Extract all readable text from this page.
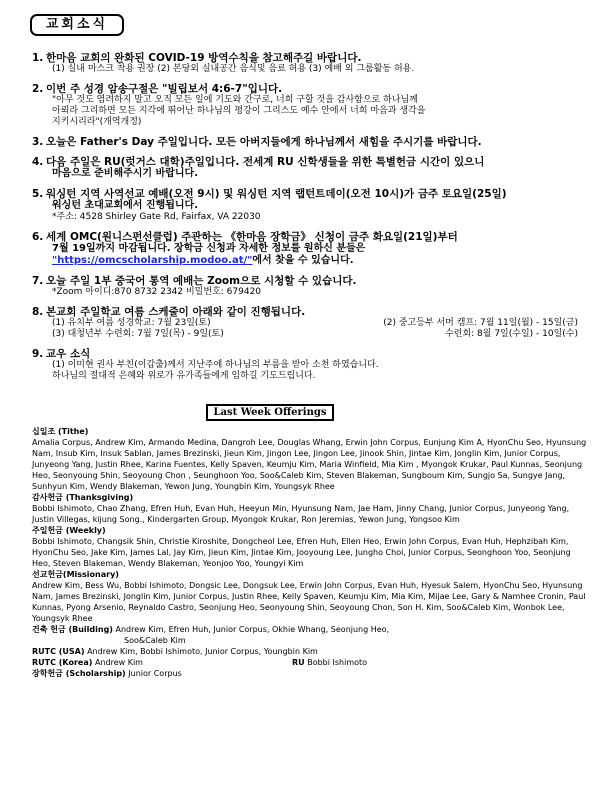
교회소식
1. 한마음 교회의 완화된 COVID-19 방역수칙을 참고해주길 바랍니다.
(1) 실내 마스크 착용 권장 (2) 본당외 실내공간 음식및 음료 허용 (3) 예배 외 그룹활동 허용.
2. 이번 주 성경 암송구절은 "빌립보서 4:6-7"입니다.
"아무 것도 염려하지 말고 오직 모든 일에 기도와 간구로, 너희 구할 것을 감사함으로 하나님께
아뢰라 그리하면 모든 지각에 뛰어난 하나님의 평강이 그리스도 예수 안에서 너희 마음과 생각을
지키시리라"(개역개정)
3. 오늘은 Father's Day 주일입니다. 모든 아버지들에게 하나님께서 새힘을 주시기를 바랍니다.
4. 다음 주일은 RU(럿거스 대학)주일입니다. 전세계 RU 신학생들을 위한 특별헌금 시간이 있으니
마음으로 준비해주시기 바랍니다.
5. 워싱턴 지역 사역선교 예배(오전 9시) 및 워싱턴 지역 랩턴트데이(오전 10시)가 금주 토요일(25일)
워싱턴 초대교회에서 진행됩니다.
*주소: 4528 Shirley Gate Rd, Fairfax, VA 22030
6. 세계 OMC(원니스펀선클럽) 주관하는 《한마음 장학금》 신청이 금주 화요일(21일)부터
7월 19일까지 마감됩니다. 장학금 신청과 자세한 정보를 원하신 분들은
"https://omcscholarship.modoo.at/"에서 찾을 수 있습니다.
7. 오늘 주일 1부 중국어 통역 예배는 Zoom으로 시청할 수 있습니다.
*Zoom 아이디:870 8732 2342 비밀번호: 679420
8. 본교회 주일학교 여름 스케줄이 아래와 같이 진행됩니다.
(1) 유치부 여름 성경학교: 7월 23일(토)	(2) 중고등부 서머 캠프: 7월 11일(월) - 15일(금)
(3) 대청년부 수련회: 7월 7일(목) - 9일(토)	수련회: 8월 7일(수일) - 10일(수)
9. 교우 소식
(1) 이미현 권사 부친(이갑출)께서 지난주에 하나님의 부름을 받아 소천 하였습니다.
하나님의 절대적 은혜와 위로가 유가족들에게 임하길 기도드립니다.
Last Week Offerings
십일조 (Tithe)
Amalia Corpus, Andrew Kim, Armando Medina, Dangroh Lee, Douglas Whang, Erwin John Corpus, Eunjung Kim A, HyonChu Seo, Hyunsung Nam, Insub Kim, Insuk Sablan, James Brezinski, Jieun Kim, Jingon Lee, Jingon Lee, Jinook Shin, Jintae Kim, Jonglin Kim, Junior Corpus, Junyeong Yang, Justin Rhee, Karina Fuentes, Kelly Spaven, Keumju Kim, Maria Winfield, Mia Kim , Myongok Krukar, Paul Kunnas, Seonjung Heo, Seonyoung Shin, Seoyoung Chon , Seunghoon Yoo, Soo&Caleb Kim, Steven Blakeman, Sungboum Kim, Sungjo Sa, Sungye Jang, Sunhyun Kim, Wendy Blakeman, Yewon Jung, Youngbin Kim, Youngsyk Rhee
감사헌금 (Thanksgiving)
Bobbi Ishimoto, Chao Zhang, Efren Huh, Evan Huh, Heeyun Min, Hyunsung Nam, Jae Ham, Jinny Chang, Junior Corpus, Junyeong Yang, Justin Villegas, kijung Song., Kindergarten Group, Myongok Krukar, Ron Jeremias, Yewon Jung, Yongsoo Kim
주일헌금 (Weekly)
Bobbi Ishimoto, Changsik Shin, Christie Kiroshite, Dongcheol Lee, Efren Huh, Ellen Heo, Erwin John Corpus, Evan Huh, Hephzibah Kim, HyonChu Seo, Jake Kim, James Lal, Jay Kim, Jieun Kim, Jintae Kim, Jooyoung Lee, Jungho Choi, Junior Corpus, Seonghoon Yoo, Seonjung Heo, Steven Blakeman, Wendy Blakeman, Yeonjoo Yoo, Youngyi Kim
선교헌금(Missionary)
Andrew Kim, Bess Wu, Bobbi Ishimoto, Dongsic Lee, Dongsuk Lee, Erwin John Corpus, Evan Huh, Hyesuk Salem, HyonChu Seo, Hyunsung Nam, James Brezinski, Jonglin Kim, Junior Corpus, Justin Rhee, Kelly Spaven, Keumju Kim, Mia Kim, Mijae Lee, Gary & Namhee Cronin, Paul Kunnas, Pyong Arsenio, Reynaldo Castro, Seonjung Heo, Seonyoung Shin, Seoyoung Chon, Son H. Kim, Soo&Caleb Kim, Wonbok Lee, Youngsyk Rhee
건축 헌금 (Building) Andrew Kim, Efren Huh, Junior Corpus, Okhie Whang, Seonjung Heo,
Soo&Caleb Kim
RUTC (USA) Andrew Kim, Bobbi Ishimoto, Junior Corpus, Youngbin Kim
RUTC (Korea) Andrew Kim	RU Bobbi Ishimoto
장학헌금 (Scholarship) Junior Corpus
